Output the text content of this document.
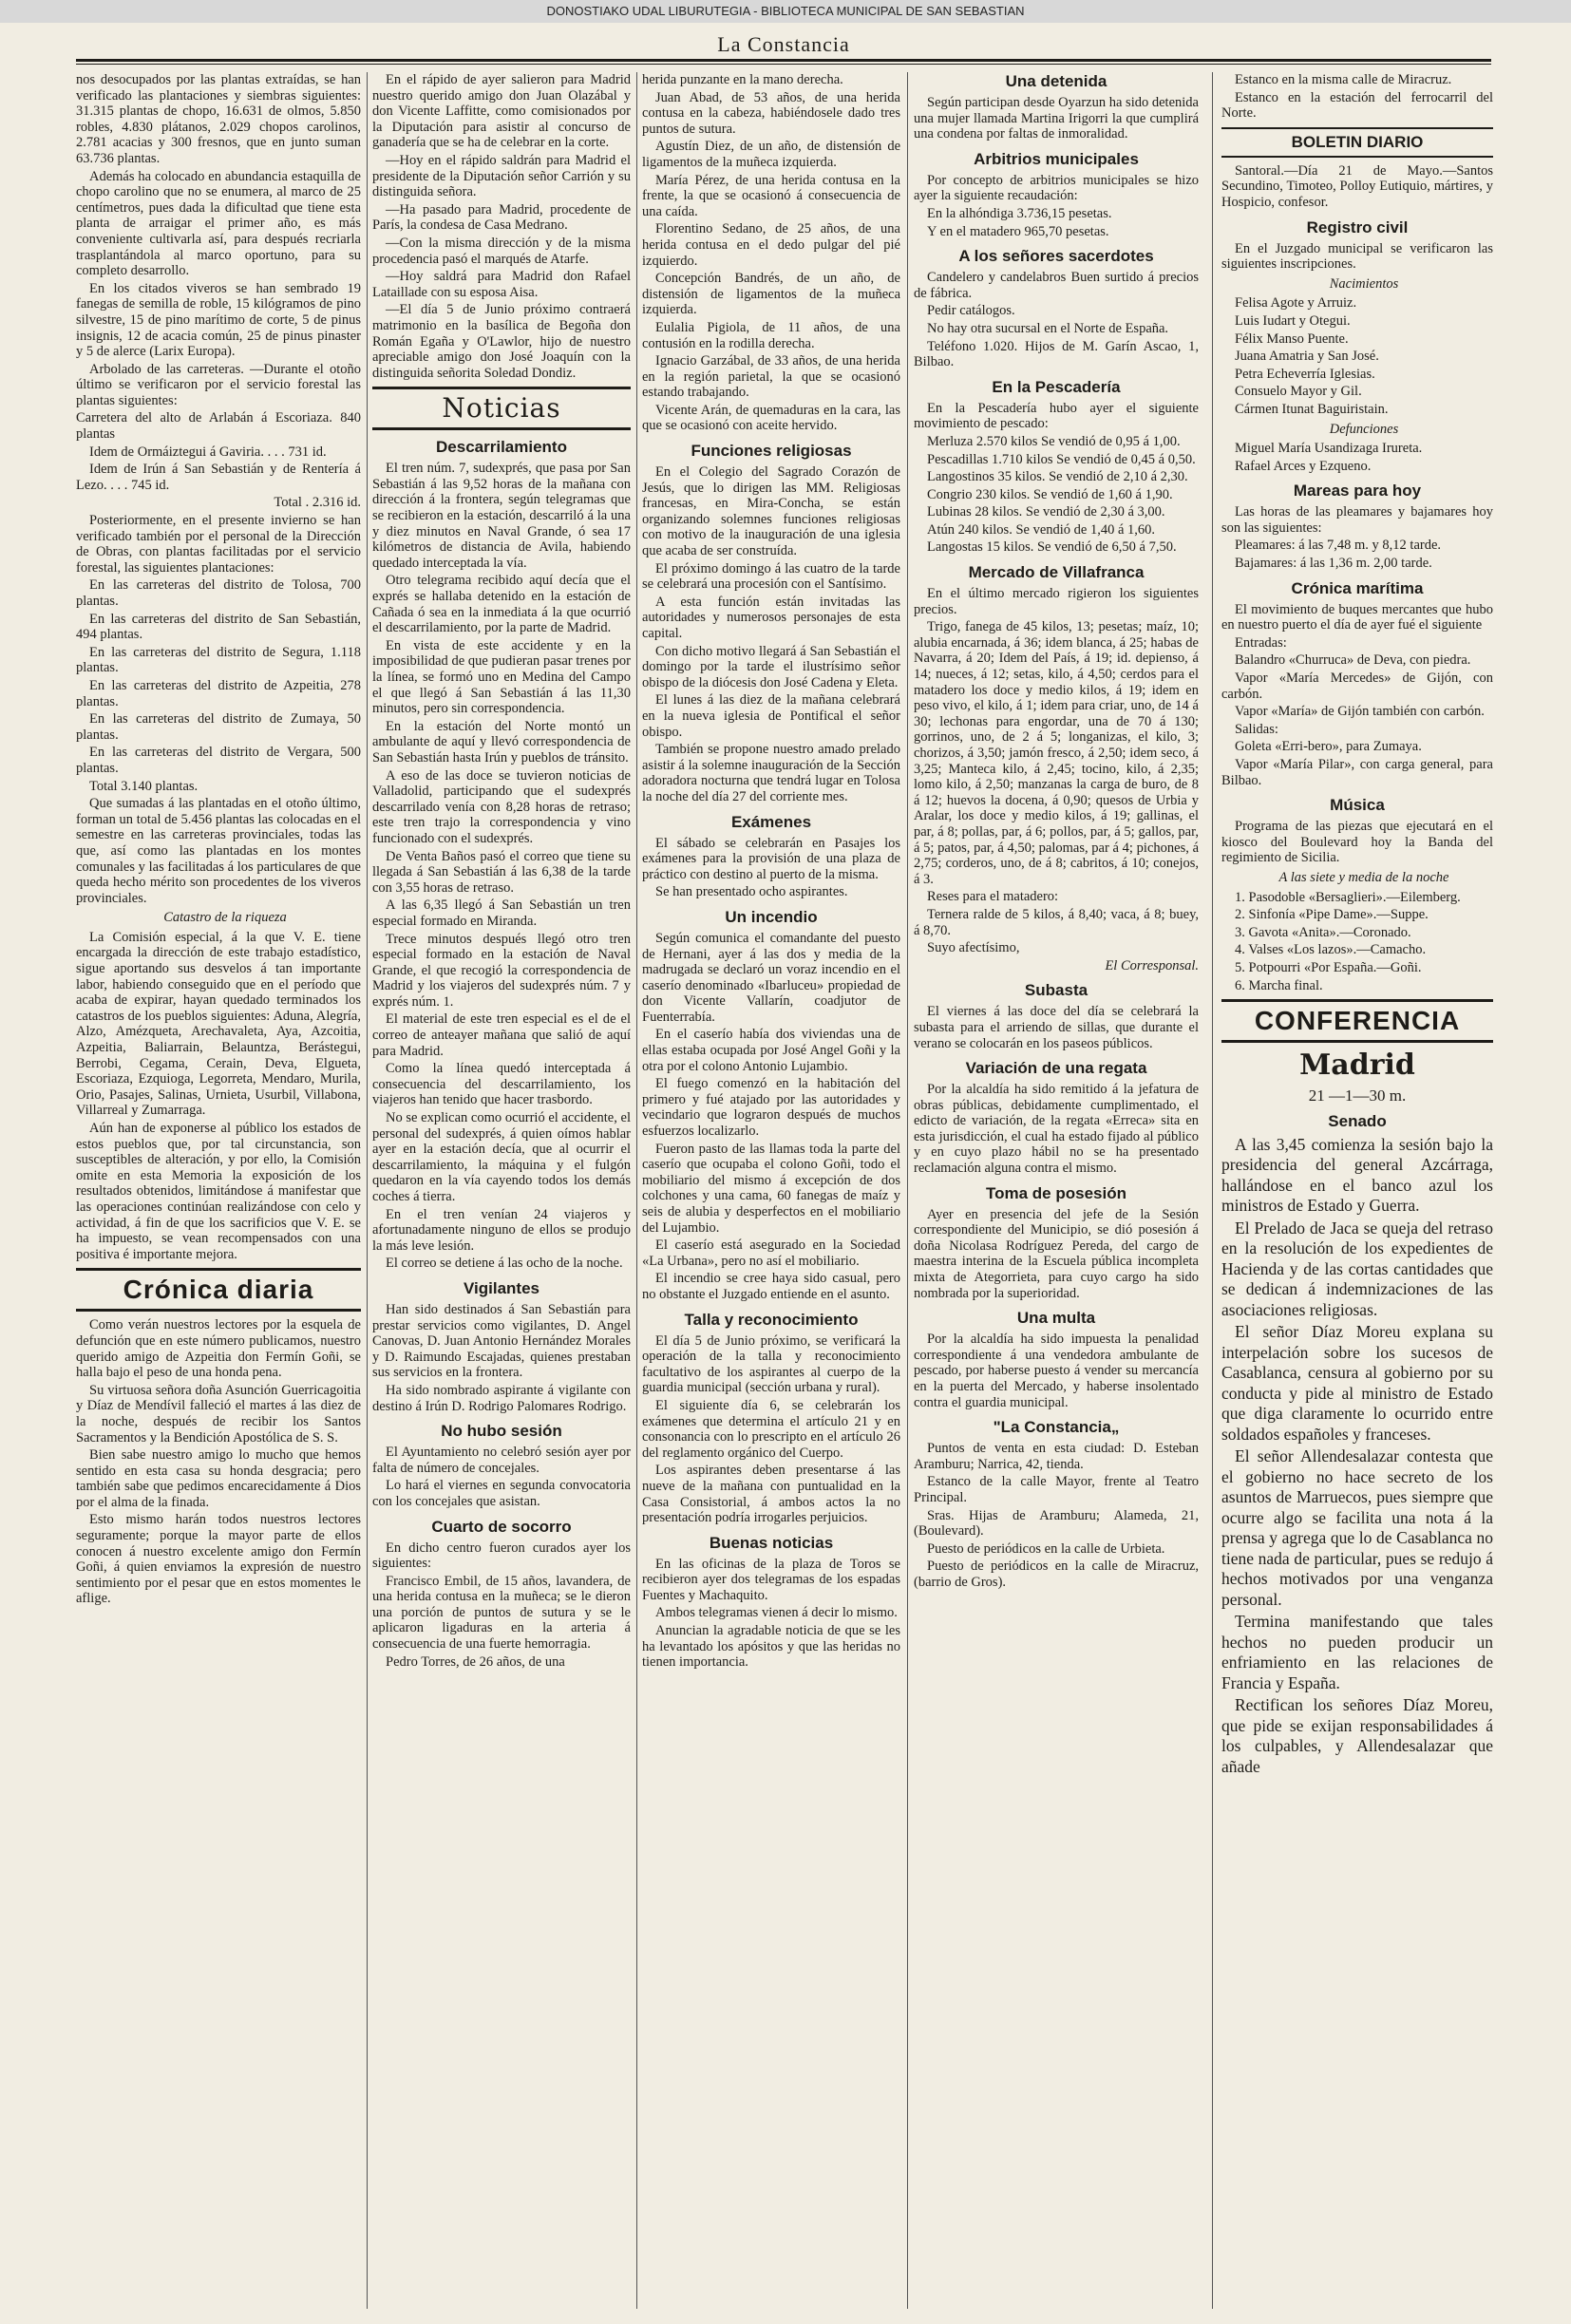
DONOSTIAKO UDAL LIBURUTEGIA - BIBLIOTECA MUNICIPAL DE SAN SEBASTIAN
La Constancia

nos desocupados por las plantas extraídas, se han verificado las plantaciones y siembras siguientes: 31.315 plantas de chopo, 16.631 de olmos, 5.850 robles, 4.830 plátanos, 2.029 chopos carolinos, 2.781 acacias y 300 fresnos, que en junto suman 63.736 plantas.

Además ha colocado en abundancia estaquilla de chopo carolino que no se enumera, al marco de 25 centímetros, pues dada la dificultad que tiene esta planta de arraigar el primer año, es más conveniente cultivarla así, para después recriarla trasplantándola al marco oportuno, para su completo desarrollo.

En los citados viveros se han sembrado 19 fanegas de semilla de roble, 15 kilógramos de pino silvestre, 15 de pino marítimo de corte, 5 de pinus insignis, 12 de acacia común, 25 de pinus pinaster y 5 de alerce (Larix Europa).

Arbolado de las carreteras. —Durante el otoño último se verificaron por el servicio forestal las plantas siguientes:

Carretera del alto de Arlabán á Escoriaza. 840 plantas

Idem de Ormáiztegui á Gaviria. . . . 731 id.

Idem de Irún á San Sebastián y de Rentería á Lezo. . . . 745 id.

Total . 2.316 id.

Posteriormente, en el presente invierno se han verificado también por el personal de la Dirección de Obras, con plantas facilitadas por el servicio forestal, las siguientes plantaciones:

En las carreteras del distrito de Tolosa, 700 plantas.

En las carreteras del distrito de San Sebastián, 494 plantas.

En las carreteras del distrito de Segura, 1.118 plantas.

En las carreteras del distrito de Azpeitia, 278 plantas.

En las carreteras del distrito de Zumaya, 50 plantas.

En las carreteras del distrito de Vergara, 500 plantas.

Total 3.140 plantas.

Que sumadas á las plantadas en el otoño último, forman un total de 5.456 plantas las colocadas en el semestre en las carreteras provinciales, todas las que, así como las plantadas en los montes comunales y las facilitadas á los particulares de que queda hecho mérito son procedentes de los viveros provinciales.

Catastro de la riqueza

La Comisión especial, á la que V. E. tiene encargada la dirección de este trabajo estadístico, sigue aportando sus desvelos á tan importante labor, habiendo conseguido que en el período que acaba de expirar, hayan quedado terminados los catastros de los pueblos siguientes: Aduna, Alegría, Alzo, Amézqueta, Arechavaleta, Aya, Azcoitia, Azpeitia, Baliarrain, Belauntza, Berástegui, Berrobi, Cegama, Cerain, Deva, Elgueta, Escoriaza, Ezquioga, Legorreta, Mendaro, Murila, Orio, Pasajes, Salinas, Urnieta, Usurbil, Villabona, Villarreal y Zumarraga.

Aún han de exponerse al público los estados de estos pueblos que, por tal circunstancia, son susceptibles de alteración, y por ello, la Comisión omite en esta Memoria la exposición de los resultados obtenidos, limitándose á manifestar que las operaciones continúan realizándose con celo y actividad, á fin de que los sacrificios que V. E. se ha impuesto, se vean recompensados con una positiva é importante mejora.

Crónica diaria

Como verán nuestros lectores por la esquela de defunción que en este número publicamos, nuestro querido amigo de Azpeitia don Fermín Goñi, se halla bajo el peso de una honda pena.

Su virtuosa señora doña Asunción Guerricagoitia y Díaz de Mendívil falleció el martes á las diez de la noche, después de recibir los Santos Sacramentos y la Bendición Apostólica de S. S.

Bien sabe nuestro amigo lo mucho que hemos sentido en esta casa su honda desgracia; pero también sabe que pedimos encarecidamente á Dios por el alma de la finada.

Esto mismo harán todos nuestros lectores seguramente; porque la mayor parte de ellos conocen á nuestro excelente amigo don Fermín Goñi, á quien enviamos la expresión de nuestro sentimiento por el pesar que en estos momentes le aflige.

En el rápido de ayer salieron para Madrid nuestro querido amigo don Juan Olazábal y don Vicente Laffitte, como comisionados por la Diputación para asistir al concurso de ganadería que se ha de celebrar en la corte.

—Hoy en el rápido saldrán para Madrid el presidente de la Diputación señor Carrión y su distinguida señora.

—Ha pasado para Madrid, procedente de París, la condesa de Casa Medrano.

—Con la misma dirección y de la misma procedencia pasó el marqués de Atarfe.

—Hoy saldrá para Madrid don Rafael Lataillade con su esposa Aisa.

—El día 5 de Junio próximo contraerá matrimonio en la basílica de Begoña don Román Egaña y O'Lawlor, hijo de nuestro apreciable amigo don José Joaquín con la distinguida señorita Soledad Dondiz.

Noticias
Descarrilamiento

El tren núm. 7, sudexprés, que pasa por San Sebastián á las 9,52 horas de la mañana con dirección á la frontera, según telegramas que se recibieron en la estación, descarriló á la una y diez minutos en Naval Grande, ó sea 17 kilómetros de distancia de Avila, habiendo quedado interceptada la vía.

Otro telegrama recibido aquí decía que el exprés se hallaba detenido en la estación de Cañada ó sea en la inmediata á la que ocurrió el descarrilamiento, por la parte de Madrid.

En vista de este accidente y en la imposibilidad de que pudieran pasar trenes por la línea, se formó uno en Medina del Campo el que llegó á San Sebastián á las 11,30 minutos, pero sin correspondencia.

En la estación del Norte montó un ambulante de aquí y llevó correspondencia de San Sebastián hasta Irún y pueblos de tránsito.

A eso de las doce se tuvieron noticias de Valladolid, participando que el sudexprés descarrilado venía con 8,28 horas de retraso; este tren trajo la correspondencia y vino funcionado con el sudexprés.

De Venta Baños pasó el correo que tiene su llegada á San Sebastián á las 6,38 de la tarde con 3,55 horas de retraso.

A las 6,35 llegó á San Sebastián un tren especial formado en Miranda.

Trece minutos después llegó otro tren especial formado en la estación de Naval Grande, el que recogió la correspondencia de Madrid y los viajeros del sudexprés núm. 7 y exprés núm. 1.

El material de este tren especial es el de el correo de anteayer mañana que salió de aquí para Madrid.

Como la línea quedó interceptada á consecuencia del descarrilamiento, los viajeros han tenido que hacer trasbordo.

No se explican como ocurrió el accidente, el personal del sudexprés, á quien oímos hablar ayer en la estación decía, que al ocurrir el descarrilamiento, la máquina y el fulgón quedaron en la vía cayendo todos los demás coches á tierra.

En el tren venían 24 viajeros y afortunadamente ninguno de ellos se produjo la más leve lesión.

El correo se detiene á las ocho de la noche.

Vigilantes

Han sido destinados á San Sebastián para prestar servicios como vigilantes, D. Angel Canovas, D. Juan Antonio Hernández Morales y D. Raimundo Escajadas, quienes prestaban sus servicios en la frontera.

Ha sido nombrado aspirante á vigilante con destino á Irún D. Rodrigo Palomares Rodrigo.

No hubo sesión

El Ayuntamiento no celebró sesión ayer por falta de número de concejales.

Lo hará el viernes en segunda convocatoria con los concejales que asistan.

Cuarto de socorro

En dicho centro fueron curados ayer los siguientes:

Francisco Embil, de 15 años, lavandera, de una herida contusa en la muñeca; se le dieron una porción de puntos de sutura y se le aplicaron ligaduras en la arteria á consecuencia de una fuerte hemorragia.

Pedro Torres, de 26 años, de una

herida punzante en la mano derecha.

Juan Abad, de 53 años, de una herida contusa en la cabeza, habiéndosele dado tres puntos de sutura.

Agustín Diez, de un año, de distensión de ligamentos de la muñeca izquierda.

María Pérez, de una herida contusa en la frente, la que se ocasionó á consecuencia de una caída.

Florentino Sedano, de 25 años, de una herida contusa en el dedo pulgar del pié izquierdo.

Concepción Bandrés, de un año, de distensión de ligamentos de la muñeca izquierda.

Eulalia Pigiola, de 11 años, de una contusión en la rodilla derecha.

Ignacio Garzábal, de 33 años, de una herida en la región parietal, la que se ocasionó estando trabajando.

Vicente Arán, de quemaduras en la cara, las que se ocasionó con aceite hervido.

Funciones religiosas

En el Colegio del Sagrado Corazón de Jesús, que lo dirigen las MM. Religiosas francesas, en Mira-Concha, se están organizando solemnes funciones religiosas con motivo de la inauguración de una iglesia que acaba de ser construída.

El próximo domingo á las cuatro de la tarde se celebrará una procesión con el Santísimo.

A esta función están invitadas las autoridades y numerosos personajes de esta capital.

Con dicho motivo llegará á San Sebastián el domingo por la tarde el ilustrísimo señor obispo de la diócesis don José Cadena y Eleta.

El lunes á las diez de la mañana celebrará en la nueva iglesia de Pontifical el señor obispo.

También se propone nuestro amado prelado asistir á la solemne inauguración de la Sección adoradora nocturna que tendrá lugar en Tolosa la noche del día 27 del corriente mes.

Exámenes

El sábado se celebrarán en Pasajes los exámenes para la provisión de una plaza de práctico con destino al puerto de la misma.

Se han presentado ocho aspirantes.

Un incendio

Según comunica el comandante del puesto de Hernani, ayer á las dos y media de la madrugada se declaró un voraz incendio en el caserío denominado «Ibarluceu» propiedad de don Vicente Vallarín, coadjutor de Fuenterrabía.

En el caserío había dos viviendas una de ellas estaba ocupada por José Angel Goñi y la otra por el colono Antonio Lujambio.

El fuego comenzó en la habitación del primero y fué atajado por las autoridades y vecindario que lograron después de muchos esfuerzos localizarlo.

Fueron pasto de las llamas toda la parte del caserío que ocupaba el colono Goñi, todo el mobiliario del mismo á excepción de dos colchones y una cama, 60 fanegas de maíz y seis de alubia y desperfectos en el mobiliario del Lujambio.

El caserío está asegurado en la Sociedad «La Urbana», pero no así el mobiliario.

El incendio se cree haya sido casual, pero no obstante el Juzgado entiende en el asunto.

Talla y reconocimiento

El día 5 de Junio próximo, se verificará la operación de la talla y reconocimiento facultativo de los aspirantes al cuerpo de la guardia municipal (sección urbana y rural).

El siguiente día 6, se celebrarán los exámenes que determina el artículo 21 y en consonancia con lo prescripto en el artículo 26 del reglamento orgánico del Cuerpo.

Los aspirantes deben presentarse á las nueve de la mañana con puntualidad en la Casa Consistorial, á ambos actos la no presentación podría irrogarles perjuicios.

Buenas noticias

En las oficinas de la plaza de Toros se recibieron ayer dos telegramas de los espadas Fuentes y Machaquito.

Ambos telegramas vienen á decir lo mismo.

Anuncian la agradable noticia de que se les ha levantado los apósitos y que las heridas no tienen importancia.

Una detenida

Según participan desde Oyarzun ha sido detenida una mujer llamada Martina Irigorri la que cumplirá una condena por faltas de inmoralidad.

Arbitrios municipales

Por concepto de arbitrios municipales se hizo ayer la siguiente recaudación:

En la alhóndiga 3.736,15 pesetas.

Y en el matadero 965,70 pesetas.

A los señores sacerdotes

Candelero y candelabros Buen surtido á precios de fábrica.

Pedir catálogos.

No hay otra sucursal en el Norte de España.

Teléfono 1.020. Hijos de M. Garín Ascao, 1, Bilbao.

En la Pescadería

En la Pescadería hubo ayer el siguiente movimiento de pescado:

Merluza 2.570 kilos Se vendió de 0,95 á 1,00.

Pescadillas 1.710 kilos Se vendió de 0,45 á 0,50.

Langostinos 35 kilos. Se vendió de 2,10 á 2,30.

Congrio 230 kilos. Se vendió de 1,60 á 1,90.

Lubinas 28 kilos. Se vendió de 2,30 á 3,00.

Atún 240 kilos. Se vendió de 1,40 á 1,60.

Langostas 15 kilos. Se vendió de 6,50 á 7,50.

Mercado de Villafranca

En el último mercado rigieron los siguientes precios.

Trigo, fanega de 45 kilos, 13; pesetas; maíz, 10; alubia encarnada, á 36; idem blanca, á 25; habas de Navarra, á 20; Idem del País, á 19; id. depienso, á 14; nueces, á 12; setas, kilo, á 4,50; cerdos para el matadero los doce y medio kilos, á 19; idem en peso vivo, el kilo, á 1; idem para criar, uno, de 14 á 30; lechonas para engordar, una de 70 á 130; gorrinos, uno, de 2 á 5; longanizas, el kilo, 3; chorizos, á 3,50; jamón fresco, á 2,50; idem seco, á 3,25; Manteca kilo, á 2,45; tocino, kilo, á 2,35; lomo kilo, á 2,50; manzanas la carga de buro, de 8 á 12; huevos la docena, á 0,90; quesos de Urbia y Aralar, los doce y medio kilos, á 19; gallinas, el par, á 8; pollas, par, á 6; pollos, par, á 5; gallos, par, á 5; patos, par, á 4,50; palomas, par á 4; pichones, á 2,75; corderos, uno, de á 8; cabritos, á 10; conejos, á 3.

Reses para el matadero:

Ternera ralde de 5 kilos, á 8,40; vaca, á 8; buey, á 8,70.

Suyo afectísimo,

El Corresponsal.

Subasta

El viernes á las doce del día se celebrará la subasta para el arriendo de sillas, que durante el verano se colocarán en los paseos públicos.

Variación de una regata

Por la alcaldía ha sido remitido á la jefatura de obras públicas, debidamente cumplimentado, el edicto de variación, de la regata «Erreca» sita en esta jurisdicción, el cual ha estado fijado al público y en cuyo plazo hábil no se ha presentado reclamación alguna contra el mismo.

Toma de posesión

Ayer en presencia del jefe de la Sesión correspondiente del Municipio, se dió posesión á doña Nicolasa Rodríguez Pereda, del cargo de maestra interina de la Escuela pública incompleta mixta de Ategorrieta, para cuyo cargo ha sido nombrada por la superioridad.

Una multa

Por la alcaldía ha sido impuesta la penalidad correspondiente á una vendedora ambulante de pescado, por haberse puesto á vender su mercancía en la puerta del Mercado, y haberse insolentado contra el guardia municipal.

"La Constancia„

Puntos de venta en esta ciudad: D. Esteban Aramburu; Narrica, 42, tienda.

Estanco de la calle Mayor, frente al Teatro Principal.

Sras. Hijas de Aramburu; Alameda, 21, (Boulevard).

Puesto de periódicos en la calle de Urbieta.

Puesto de periódicos en la calle de Miracruz, (barrio de Gros).

Estanco en la misma calle de Miracruz.

Estanco en la estación del ferrocarril del Norte.

BOLETIN DIARIO

Santoral.—Día 21 de Mayo.—Santos Secundino, Timoteo, Polloy Eutiquio, mártires, y Hospicio, confesor.

Registro civil

En el Juzgado municipal se verificaron las siguientes inscripciones.

Nacimientos

Felisa Agote y Arruiz.

Luis Iudart y Otegui.

Félix Manso Puente.

Juana Amatria y San José.

Petra Echeverría Iglesias.

Consuelo Mayor y Gil.

Cármen Itunat Baguiristain.

Defunciones

Miguel María Usandizaga Irureta.

Rafael Arces y Ezqueno.

Mareas para hoy

Las horas de las pleamares y bajamares hoy son las siguientes:

Pleamares: á las 7,48 m. y 8,12 tarde.

Bajamares: á las 1,36 m. 2,00 tarde.

Crónica marítima

El movimiento de buques mercantes que hubo en nuestro puerto el día de ayer fué el siguiente

Entradas:

Balandro «Churruca» de Deva, con piedra.

Vapor «María Mercedes» de Gijón, con carbón.

Vapor «María» de Gijón también con carbón.

Salidas:

Goleta «Erri-bero», para Zumaya.

Vapor «María Pilar», con carga general, para Bilbao.

Música

Programa de las piezas que ejecutará en el kiosco del Boulevard hoy la Banda del regimiento de Sicilia.

A las siete y media de la noche

1. Pasodoble «Bersaglieri».—Eilemberg.

2. Sinfonía «Pipe Dame».—Suppe.

3. Gavota «Anita».—Coronado.

4. Valses «Los lazos».—Camacho.

5. Potpourri «Por España.—Goñi.

6. Marcha final.

CONFERENCIA
Madrid

21 —1—30 m.

Senado

A las 3,45 comienza la sesión bajo la presidencia del general Azcárraga, hallándose en el banco azul los ministros de Estado y Guerra.

El Prelado de Jaca se queja del retraso en la resolución de los expedientes de Hacienda y de las cortas cantidades que se dedican á indemnizaciones de las asociaciones religiosas.

El señor Díaz Moreu explana su interpelación sobre los sucesos de Casablanca, censura al gobierno por su conducta y pide al ministro de Estado que diga claramente lo ocurrido entre soldados españoles y franceses.

El señor Allendesalazar contesta que el gobierno no hace secreto de los asuntos de Marruecos, pues siempre que ocurre algo se facilita una nota á la prensa y agrega que lo de Casablanca no tiene nada de particular, pues se redujo á hechos motivados por una venganza personal.

Termina manifestando que tales hechos no pueden producir un enfriamiento en las relaciones de Francia y España.

Rectifican los señores Díaz Moreu, que pide se exijan responsabilidades á los culpables, y Allendesalazar que añade
